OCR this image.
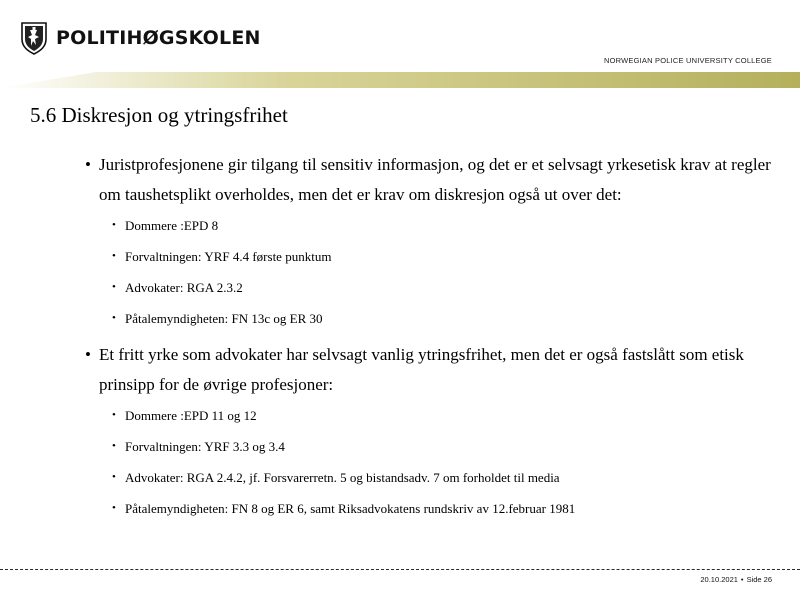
POLITIHØGSKOLEN
NORWEGIAN POLICE UNIVERSITY COLLEGE
5.6 Diskresjon og ytringsfrihet
• Juristprofesjonene gir tilgang til sensitiv informasjon, og det er et selvsagt yrkesetisk krav at regler om taushetsplikt overholdes, men det er krav om diskresjon også ut over det:
• Dommere :EPD 8
• Forvaltningen: YRF 4.4 første punktum
• Advokater: RGA 2.3.2
• Påtalemyndigheten: FN 13c og ER 30
• Et fritt yrke som advokater har selvsagt vanlig ytringsfrihet, men det er også fastslått som etisk prinsipp for de øvrige profesjoner:
• Dommere :EPD 11 og 12
• Forvaltningen: YRF 3.3 og 3.4
• Advokater: RGA 2.4.2, jf. Forsvarerretn. 5 og bistandsadv. 7 om forholdet til media
• Påtalemyndigheten: FN 8 og ER 6, samt Riksadvokatens rundskriv av 12.februar 1981
20.10.2021 • Side 26
